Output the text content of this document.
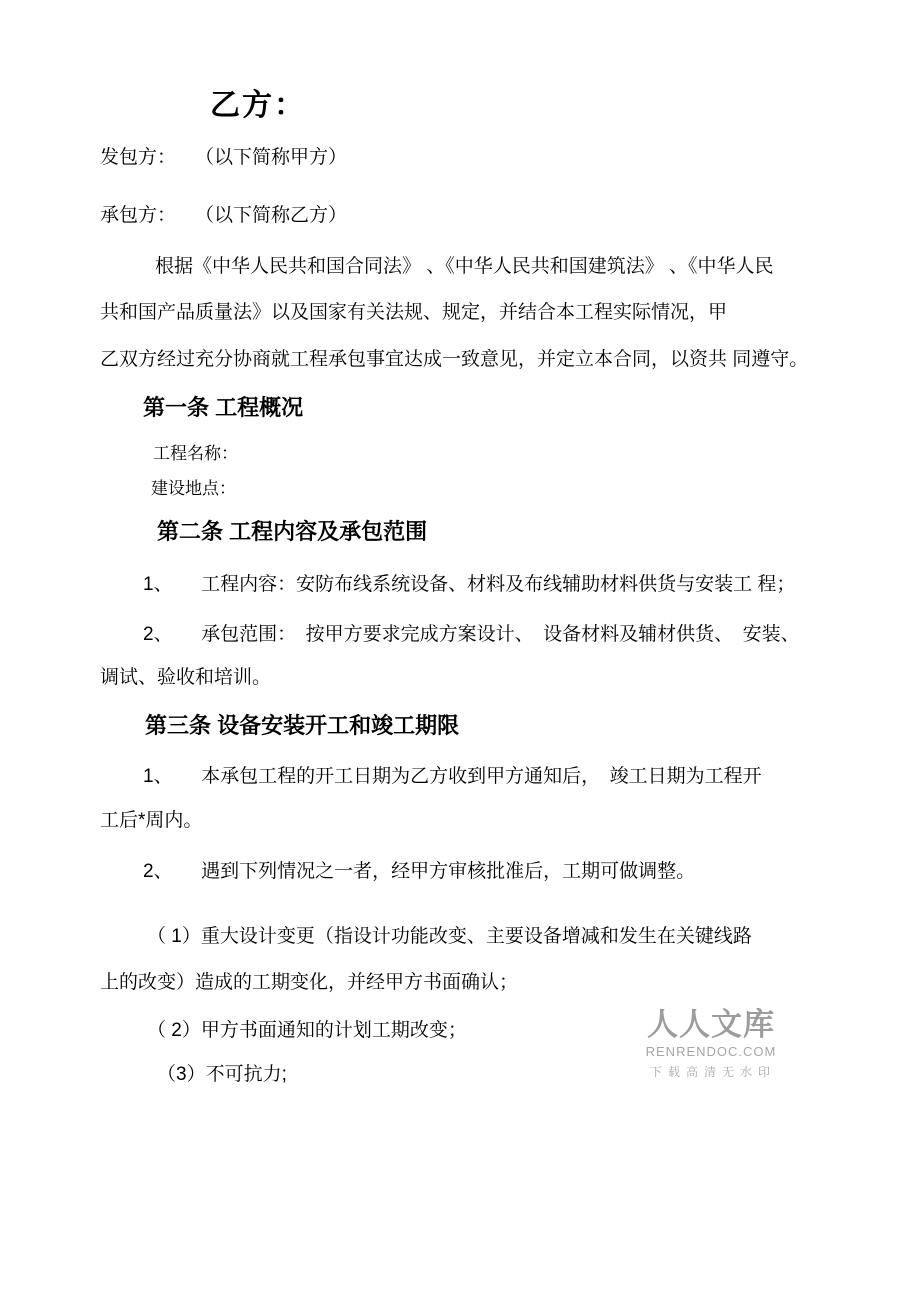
乙方：
发包方：　　（以下简称甲方）
承包方：　　（以下简称乙方）
根据《中华人民共和国合同法》 、《中华人民共和国建筑法》 、《中华人民
共和国产品质量法》以及国家有关法规、规定，并结合本工程实际情况，甲
乙双方经过充分协商就工程承包事宜达成一致意见，并定立本合同，以资共 同遵守。
第一条 工程概况
工程名称：
建设地点：
第二条 工程内容及承包范围
1、　　工程内容：安防布线系统设备、材料及布线辅助材料供货与安装工 程；
2、　　承包范围：　按甲方要求完成方案设计、　设备材料及辅材供货、　安装、
调试、验收和培训。
第三条 设备安装开工和竣工期限
1、　　本承包工程的开工日期为乙方收到甲方通知后，　竣工日期为工程开
工后*周内。
2、　　遇到下列情况之一者，经甲方审核批准后，工期可做调整。
（ 1）重大设计变更（指设计功能改变、主要设备增减和发生在关键线路
上的改变）造成的工期变化，并经甲方书面确认；
（ 2）甲方书面通知的计划工期改变；
（3）不可抗力;
人人文库
RENRENDOC.COM
下载高清无水印
